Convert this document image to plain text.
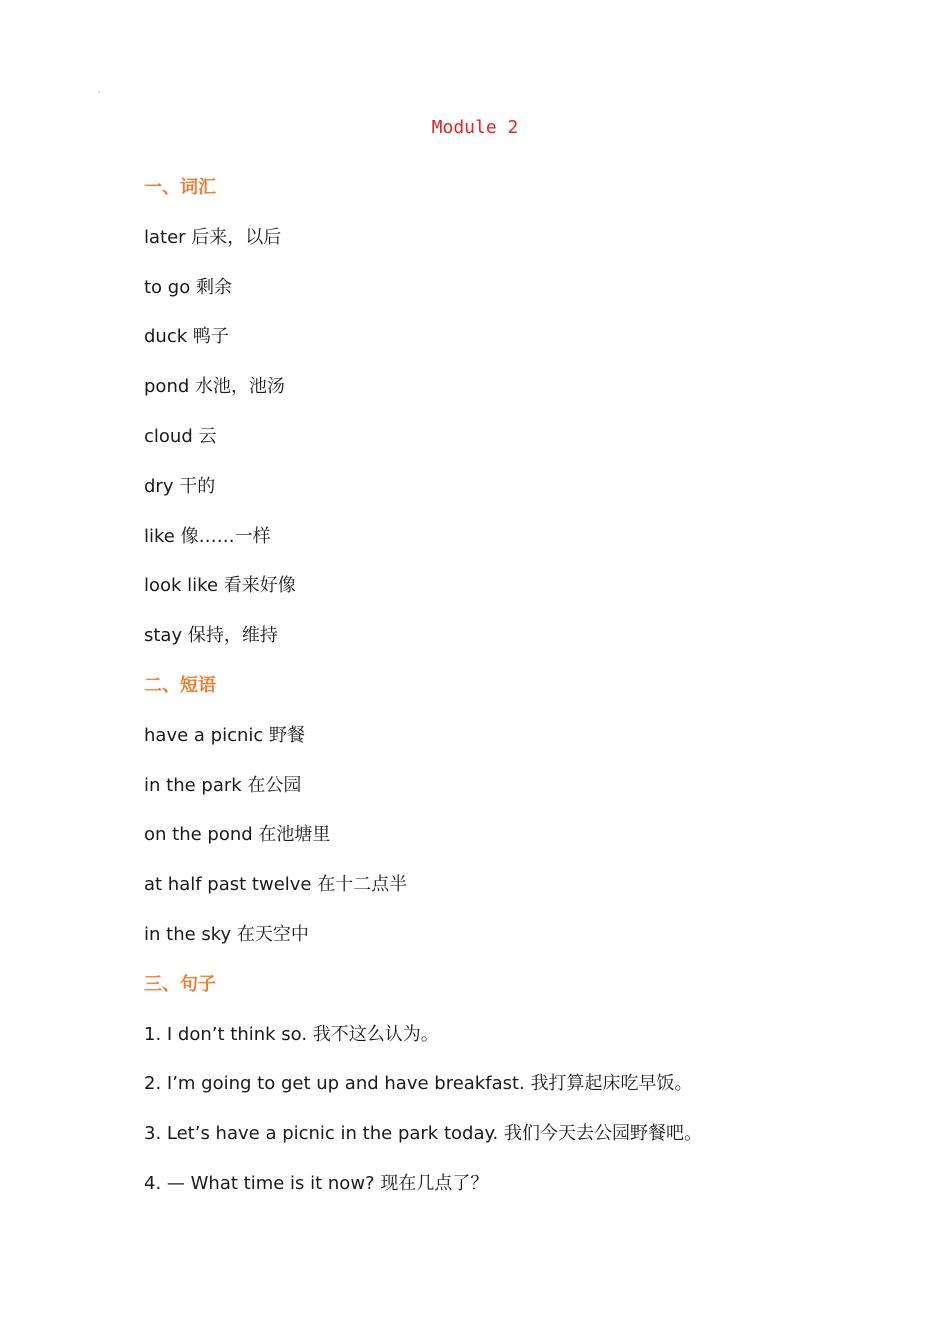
Module 2
一、词汇
later 后来，以后
to go 剩余
duck 鸭子
pond 水池，池汤
cloud 云
dry 干的
like 像……一样
look like 看来好像
stay 保持，维持
二、短语
have a picnic 野餐
in the park 在公园
on the pond 在池塘里
at half past twelve 在十二点半
in the sky 在天空中
三、句子
1. I don’t think so. 我不这么认为。
2. I’m going to get up and have breakfast. 我打算起床吃早饭。
3. Let’s have a picnic in the park today. 我们今天去公园野餐吧。
4. — What time is it now? 现在几点了？
